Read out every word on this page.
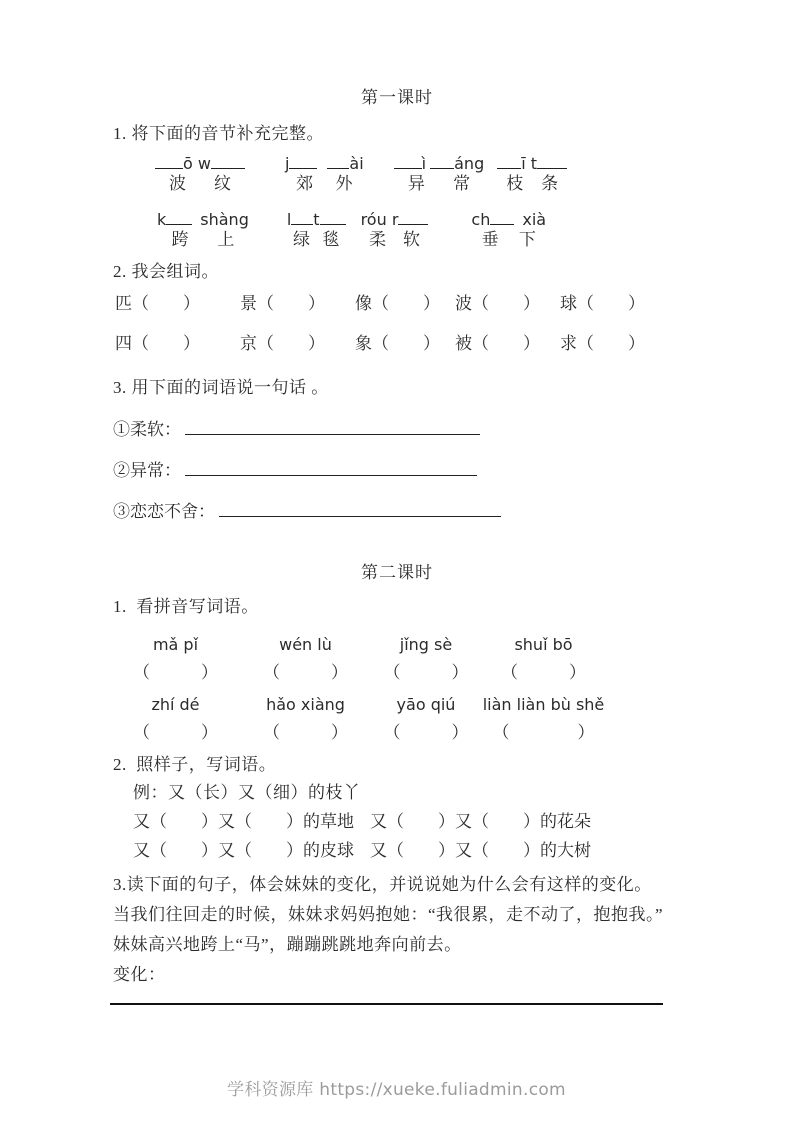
第一课时
1. 将下面的音节补充完整。
ō w
波 纹
j	ài
郊 外
ì áng
异 常
ī t
枝 条
k shàng
跨 上
l t
绿 毯
róu r
柔 软
ch xià
垂 下
2. 我会组词。
匹（　　） 景（　　） 像（　　） 波（　　） 球（　　）
四（　　） 京（　　） 象（　　） 被（　　） 求（　　）
3. 用下面的词语说一句话 。
①柔软：
②异常：
③恋恋不舍：
第二课时
1.  看拼音写词语。
mǎ pǐ
（　　　）
wén lù
（　　　）
jǐng sè
（　　　）
shuǐ bō
（　　　）
zhí dé
（　　　）
hǎo xiàng
（　　　）
yāo qiú
（　　　）
liàn liàn bù shě
（　　　　）
2.  照样子，写词语。
例：又（长）又（细）的枝丫
又（　　）又（　　）的草地 又（　　）又（　　）的花朵
又（　　）又（　　）的皮球 又（　　）又（　　）的大树
3.读下面的句子，体会妹妹的变化，并说说她为什么会有这样的变化。
当我们往回走的时候，妹妹求妈妈抱她：“我很累，走不动了，抱抱我。”
妹妹高兴地跨上“马”，蹦蹦跳跳地奔向前去。
变化：
学科资源库 https://xueke.fuliadmin.com
